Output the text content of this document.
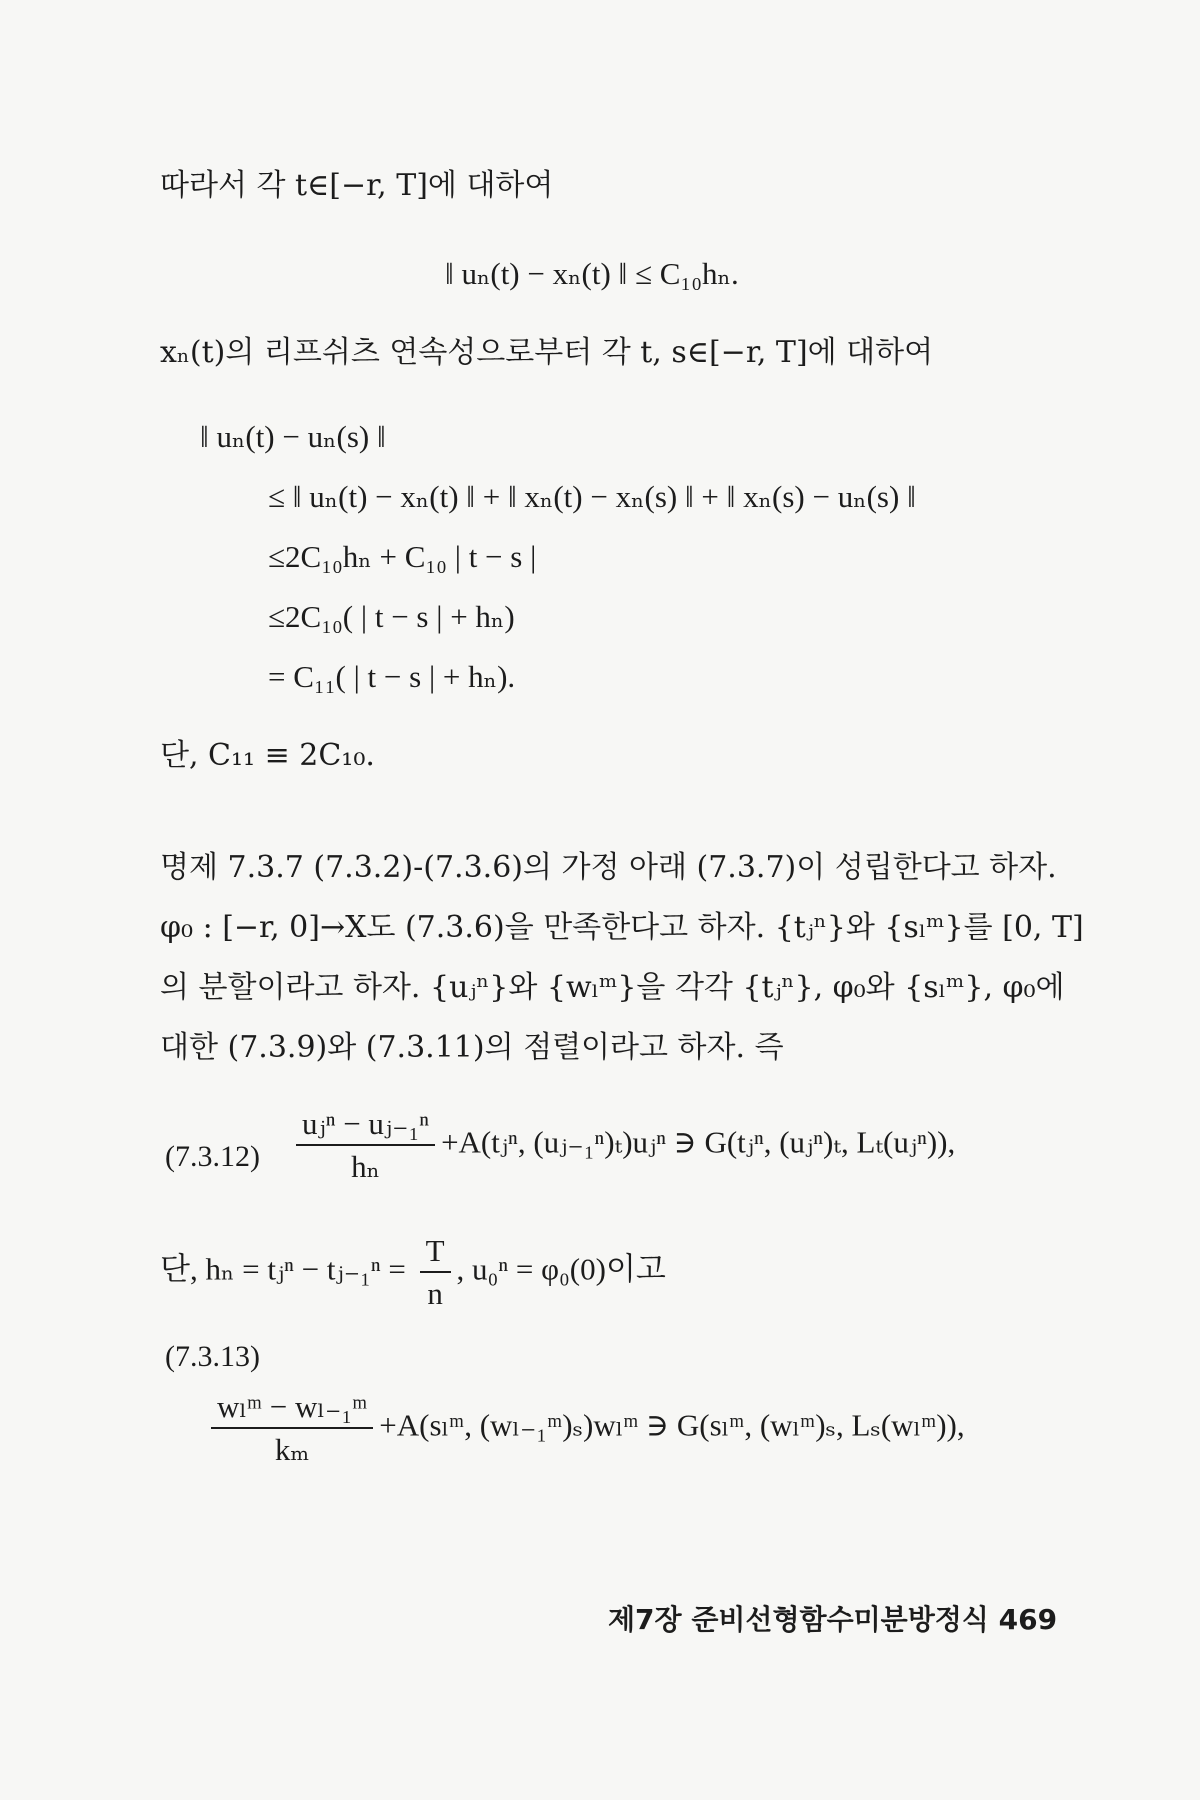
따라서 각 t∈[−r, T]에 대하여
‖ uₙ(t) − xₙ(t) ‖ ≤ C₁₀hₙ.
xₙ(t)의 리프쉬츠 연속성으로부터 각 t, s∈[−r, T]에 대하여
‖ uₙ(t) − uₙ(s) ‖
≤ ‖ uₙ(t) − xₙ(t) ‖ + ‖ xₙ(t) − xₙ(s) ‖ + ‖ xₙ(s) − uₙ(s) ‖
≤2C₁₀hₙ + C₁₀ | t − s |
≤2C₁₀( | t − s | + hₙ)
= C₁₁( | t − s | + hₙ).
단, C₁₁ ≡ 2C₁₀.
명제 7.3.7 (7.3.2)-(7.3.6)의 가정 아래 (7.3.7)이 성립한다고 하자.
φ₀ : [−r, 0]→X도 (7.3.6)을 만족한다고 하자. {tⱼⁿ}와 {sₗᵐ}를 [0, T]
의 분할이라고 하자. {uⱼⁿ}와 {wₗᵐ}을 각각 {tⱼⁿ}, φ₀와 {sₗᵐ}, φ₀에
대한 (7.3.9)와 (7.3.11)의 점렬이라고 하자. 즉
$(7.3.12) \frac{\text{uⱼⁿ − uⱼ₋₁ⁿ}}{\text{hₙ}}$ +A(tⱼⁿ, (uⱼ₋₁ⁿ)ₜ)uⱼⁿ ∋ G(tⱼⁿ, (uⱼⁿ)ₜ, Lₜ(uⱼⁿ)),
단, hₙ = tⱼⁿ − tⱼ₋₁ⁿ = $\frac{T}{n}$ , u₀ⁿ = φ₀(0)이고
(7.3.13)
$\frac{\text{wₗᵐ − wₗ₋₁ᵐ}}{\text{kₘ}}$ +A(sₗᵐ, (wₗ₋₁ᵐ)ₛ)wₗᵐ ∋ G(sₗᵐ, (wₗᵐ)ₛ, Lₛ(wₗᵐ)),
제7장 준비선형함수미분방정식 469
